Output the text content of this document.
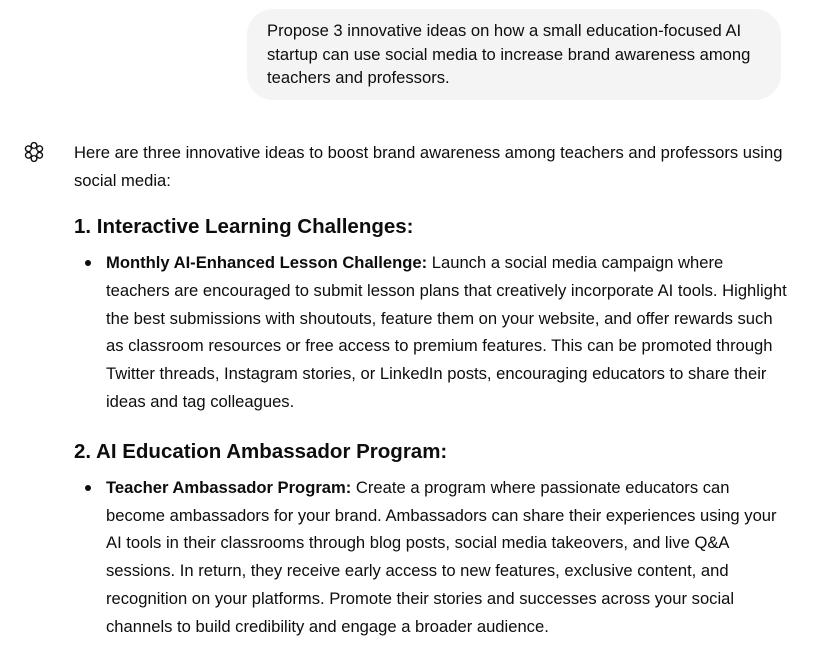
Propose 3 innovative ideas on how a small education-focused AI startup can use social media to increase brand awareness among teachers and professors.

Here are three innovative ideas to boost brand awareness among teachers and professors using social media:

1. Interactive Learning Challenges:
Monthly AI-Enhanced Lesson Challenge: Launch a social media campaign where teachers are encouraged to submit lesson plans that creatively incorporate AI tools. Highlight the best submissions with shoutouts, feature them on your website, and offer rewards such as classroom resources or free access to premium features. This can be promoted through Twitter threads, Instagram stories, or LinkedIn posts, encouraging educators to share their ideas and tag colleagues.
2. AI Education Ambassador Program:
Teacher Ambassador Program: Create a program where passionate educators can become ambassadors for your brand. Ambassadors can share their experiences using your AI tools in their classrooms through blog posts, social media takeovers, and live Q&A sessions. In return, they receive early access to new features, exclusive content, and recognition on your platforms. Promote their stories and successes across your social channels to build credibility and engage a broader audience.
